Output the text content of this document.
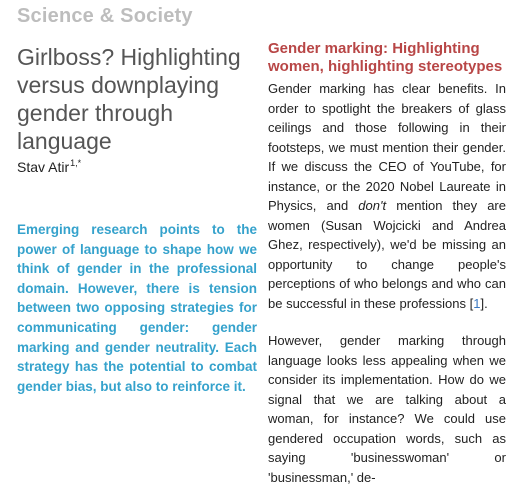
Science & Society
Girlboss? Highlighting versus downplaying gender through language
Stav Atir$^{1,*}$
Emerging research points to the power of language to shape how we think of gender in the professional domain. However, there is tension between two opposing strategies for communicating gender: gender marking and gender neutrality. Each strategy has the potential to combat gender bias, but also to reinforce it.
Gender marking: Highlighting women, highlighting stereotypes

Gender marking has clear benefits. In order to spotlight the breakers of glass ceilings and those following in their footsteps, we must mention their gender. If we discuss the CEO of YouTube, for instance, or the 2020 Nobel Laureate in Physics, and don't mention they are women (Susan Wojcicki and Andrea Ghez, respectively), we'd be missing an opportunity to change people's perceptions of who belongs and who can be successful in these professions [1].

However, gender marking through language looks less appealing when we consider its implementation. How do we signal that we are talking about a woman, for instance? We could use gendered occupation words, such as saying 'businesswoman' or 'businessman,' de-
